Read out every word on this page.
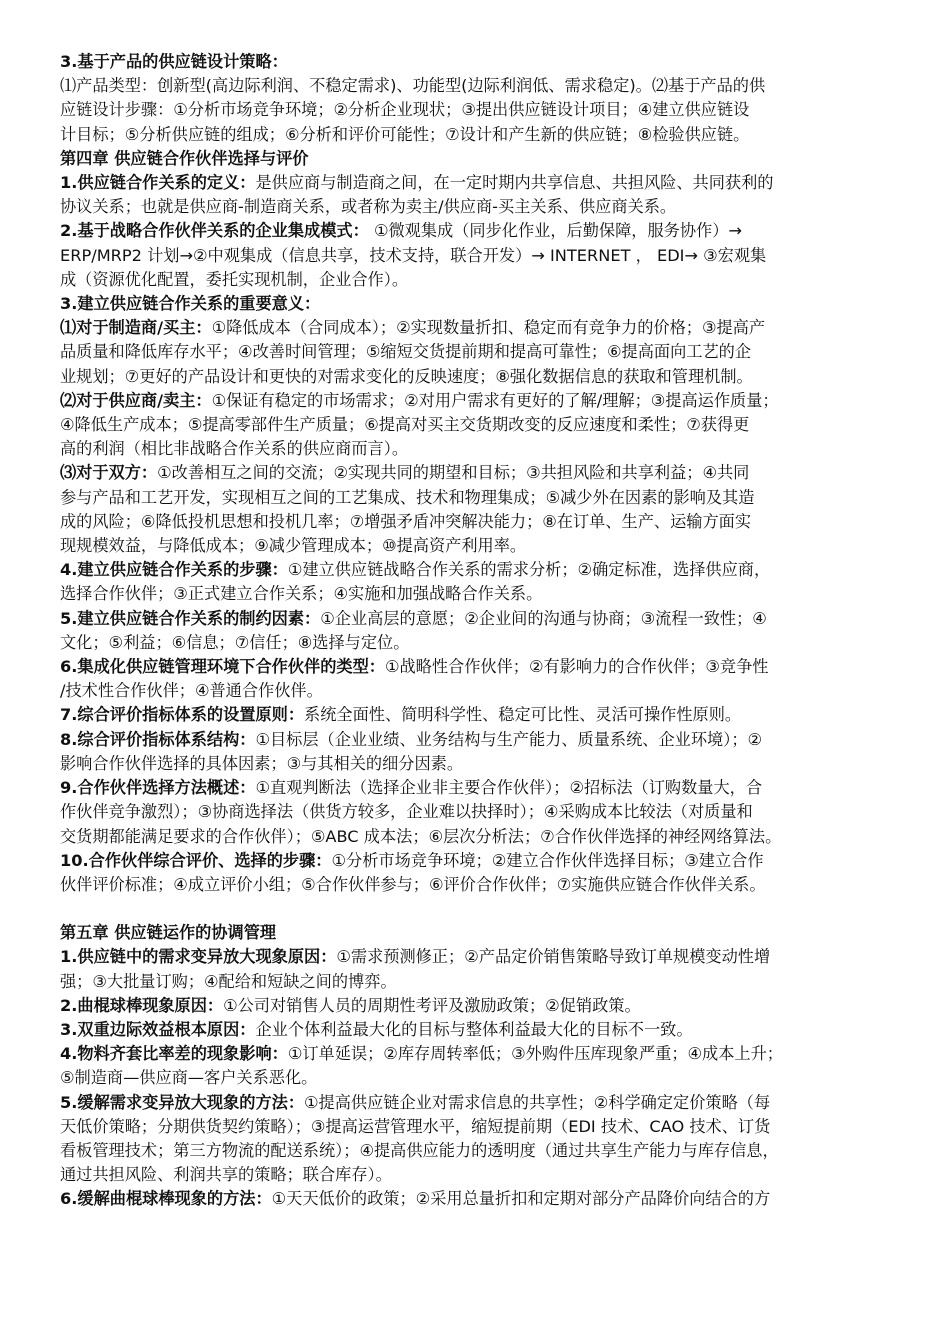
3.基于产品的供应链设计策略：
⑴产品类型：创新型(高边际利润、不稳定需求)、功能型(边际利润低、需求稳定)。⑵基于产品的供
应链设计步骤：①分析市场竞争环境；②分析企业现状；③提出供应链设计项目；④建立供应链设
计目标；⑤分析供应链的组成；⑥分析和评价可能性；⑦设计和产生新的供应链；⑧检验供应链。
第四章 供应链合作伙伴选择与评价
1.供应链合作关系的定义：是供应商与制造商之间，在一定时期内共享信息、共担风险、共同获利的
协议关系；也就是供应商-制造商关系，或者称为卖主/供应商-买主关系、供应商关系。
2.基于战略合作伙伴关系的企业集成模式： ①微观集成（同步化作业，后勤保障，服务协作）→
ERP/MRP2 计划→②中观集成（信息共享，技术支持，联合开发）→ INTERNET ， EDI→ ③宏观集
成（资源优化配置，委托实现机制，企业合作）。
3.建立供应链合作关系的重要意义：
⑴对于制造商/买主：①降低成本（合同成本）；②实现数量折扣、稳定而有竞争力的价格；③提高产
品质量和降低库存水平；④改善时间管理；⑤缩短交货提前期和提高可靠性；⑥提高面向工艺的企
业规划；⑦更好的产品设计和更快的对需求变化的反映速度；⑧强化数据信息的获取和管理机制。
⑵对于供应商/卖主：①保证有稳定的市场需求；②对用户需求有更好的了解/理解；③提高运作质量；
④降低生产成本；⑤提高零部件生产质量；⑥提高对买主交货期改变的反应速度和柔性；⑦获得更
高的利润（相比非战略合作关系的供应商而言）。
⑶对于双方：①改善相互之间的交流；②实现共同的期望和目标；③共担风险和共享利益；④共同
参与产品和工艺开发，实现相互之间的工艺集成、技术和物理集成；⑤减少外在因素的影响及其造
成的风险；⑥降低投机思想和投机几率；⑦增强矛盾冲突解决能力；⑧在订单、生产、运输方面实
现规模效益，与降低成本；⑨减少管理成本；⑩提高资产利用率。
4.建立供应链合作关系的步骤：①建立供应链战略合作关系的需求分析；②确定标准，选择供应商，
选择合作伙伴；③正式建立合作关系；④实施和加强战略合作关系。
5.建立供应链合作关系的制约因素：①企业高层的意愿；②企业间的沟通与协商；③流程一致性；④
文化；⑤利益；⑥信息；⑦信任；⑧选择与定位。
6.集成化供应链管理环境下合作伙伴的类型：①战略性合作伙伴；②有影响力的合作伙伴；③竞争性
/技术性合作伙伴；④普通合作伙伴。
7.综合评价指标体系的设置原则：系统全面性、简明科学性、稳定可比性、灵活可操作性原则。
8.综合评价指标体系结构：①目标层（企业业绩、业务结构与生产能力、质量系统、企业环境）；②
影响合作伙伴选择的具体因素；③与其相关的细分因素。
9.合作伙伴选择方法概述：①直观判断法（选择企业非主要合作伙伴）；②招标法（订购数量大，合
作伙伴竞争激烈）；③协商选择法（供货方较多，企业难以抉择时）；④采购成本比较法（对质量和
交货期都能满足要求的合作伙伴）；⑤ABC 成本法；⑥层次分析法；⑦合作伙伴选择的神经网络算法。
10.合作伙伴综合评价、选择的步骤：①分析市场竞争环境；②建立合作伙伴选择目标；③建立合作
伙伴评价标准；④成立评价小组；⑤合作伙伴参与；⑥评价合作伙伴；⑦实施供应链合作伙伴关系。
第五章 供应链运作的协调管理
1.供应链中的需求变异放大现象原因：①需求预测修正；②产品定价销售策略导致订单规模变动性增
强；③大批量订购；④配给和短缺之间的博弈。
2.曲棍球棒现象原因：①公司对销售人员的周期性考评及激励政策；②促销政策。
3.双重边际效益根本原因：企业个体利益最大化的目标与整体利益最大化的目标不一致。
4.物料齐套比率差的现象影响：①订单延误；②库存周转率低；③外购件压库现象严重；④成本上升；
⑤制造商—供应商—客户关系恶化。
5.缓解需求变异放大现象的方法：①提高供应链企业对需求信息的共享性；②科学确定定价策略（每
天低价策略；分期供货契约策略）；③提高运营管理水平，缩短提前期（EDI 技术、CAO 技术、订货
看板管理技术；第三方物流的配送系统）；④提高供应能力的透明度（通过共享生产能力与库存信息，
通过共担风险、利润共享的策略；联合库存）。
6.缓解曲棍球棒现象的方法：①天天低价的政策；②采用总量折扣和定期对部分产品降价向结合的方
